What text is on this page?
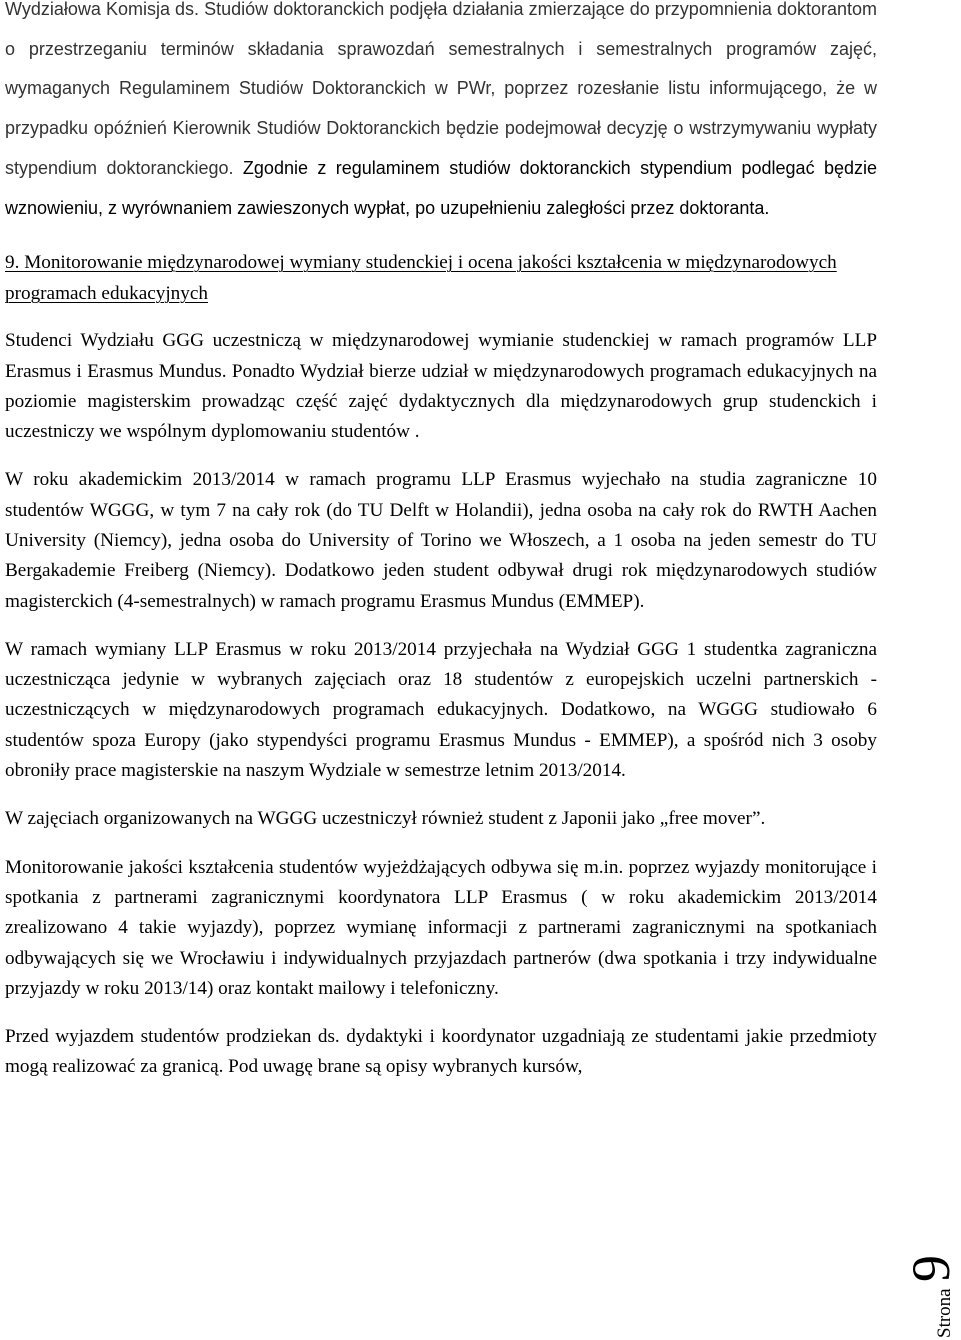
Wydziałowa Komisja ds. Studiów doktoranckich podjęła działania zmierzające do przypomnienia doktorantom o przestrzeganiu terminów składania sprawozdań semestralnych i semestralnych programów zajęć, wymaganych Regulaminem Studiów Doktoranckich w PWr, poprzez rozesłanie listu informującego, że w przypadku opóźnień Kierownik Studiów Doktoranckich będzie podejmował decyzję o wstrzymywaniu wypłaty stypendium doktoranckiego. Zgodnie z regulaminem studiów doktoranckich stypendium podlegać będzie wznowieniu, z wyrównaniem zawieszonych wypłat, po uzupełnieniu zaległości przez doktoranta.

9. Monitorowanie międzynarodowej wymiany studenckiej i ocena jakości kształcenia w międzynarodowych programach edukacyjnych

Studenci Wydziału GGG uczestniczą w międzynarodowej wymianie studenckiej w ramach programów LLP Erasmus i Erasmus Mundus. Ponadto Wydział bierze udział w międzynarodowych programach edukacyjnych na poziomie magisterskim prowadząc część zajęć dydaktycznych dla międzynarodowych grup studenckich i uczestniczy we wspólnym dyplomowaniu studentów .

W roku akademickim 2013/2014 w ramach programu LLP Erasmus wyjechało na studia zagraniczne 10 studentów WGGG, w tym 7 na cały rok (do TU Delft w Holandii), jedna osoba na cały rok do RWTH Aachen University (Niemcy), jedna osoba do University of Torino we Włoszech, a 1 osoba na jeden semestr do TU Bergakademie Freiberg (Niemcy). Dodatkowo jeden student odbywał drugi rok międzynarodowych studiów magisterckich (4-semestralnych) w ramach programu Erasmus Mundus (EMMEP).

W ramach wymiany LLP Erasmus w roku 2013/2014 przyjechała na Wydział GGG 1 studentka zagraniczna uczestnicząca jedynie w wybranych zajęciach oraz 18 studentów z europejskich uczelni partnerskich - uczestniczących w międzynarodowych programach edukacyjnych. Dodatkowo, na WGGG studiowało 6 studentów spoza Europy (jako stypendyści programu Erasmus Mundus - EMMEP), a spośród nich 3 osoby obroniły prace magisterskie na naszym Wydziale w semestrze letnim 2013/2014.

W zajęciach organizowanych na WGGG uczestniczył również student z Japonii jako „free mover”.

Monitorowanie jakości kształcenia studentów wyjeżdżających odbywa się m.in. poprzez wyjazdy monitorujące i spotkania z partnerami zagranicznymi koordynatora LLP Erasmus ( w roku akademickim 2013/2014 zrealizowano 4 takie wyjazdy), poprzez wymianę informacji z partnerami zagranicznymi na spotkaniach odbywających się we Wrocławiu i indywidualnych przyjazdach partnerów (dwa spotkania i trzy indywidualne przyjazdy w roku 2013/14) oraz kontakt mailowy i telefoniczny.

Przed wyjazdem studentów prodziekan ds. dydaktyki i koordynator uzgadniają ze studentami jakie przedmioty mogą realizować za granicą. Pod uwagę brane są opisy wybranych kursów,

Strona
9
